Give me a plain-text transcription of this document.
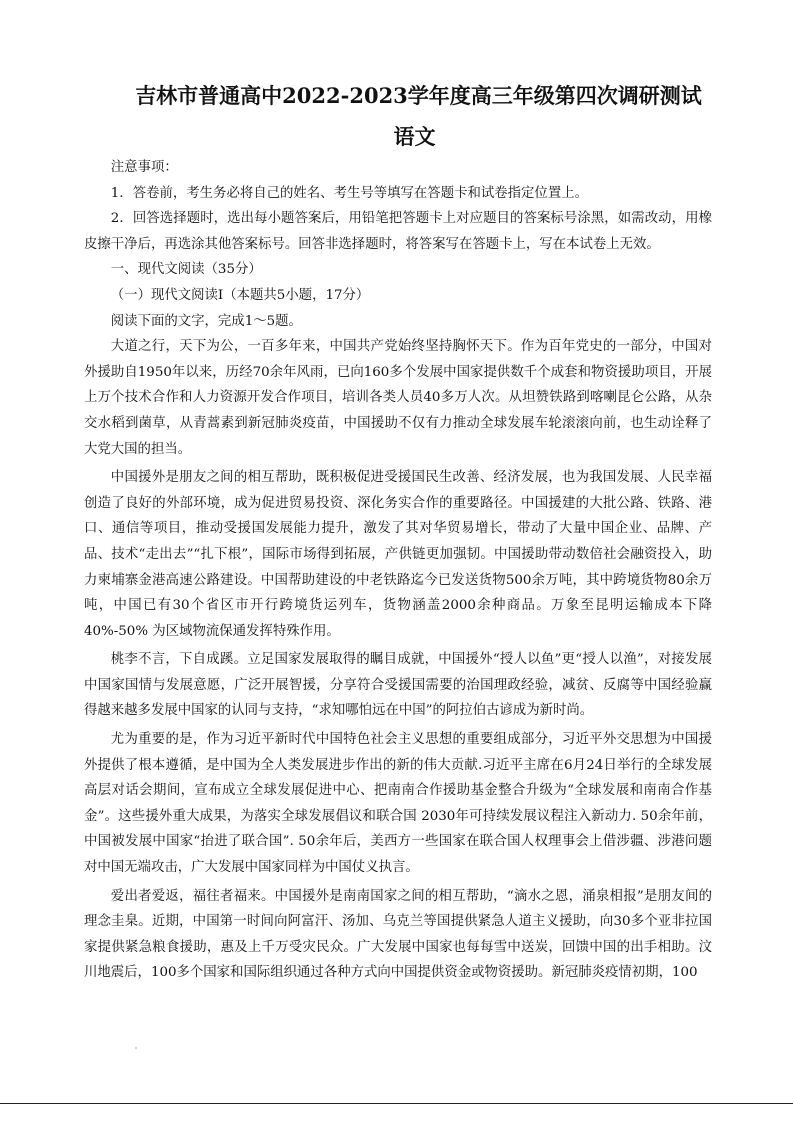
吉林市普通高中2022-2023学年度高三年级第四次调研测试
语文

注意事项：

1．答卷前，考生务必将自己的姓名、考生号等填写在答题卡和试卷指定位置上。

2．回答选择题时，选出每小题答案后，用铅笔把答题卡上对应题目的答案标号涂黑，如需改动，用橡皮擦干净后，再选涂其他答案标号。回答非选择题时，将答案写在答题卡上，写在本试卷上无效。

一、现代文阅读（35分）

（一）现代文阅读I（本题共5小题，17分）

阅读下面的文字，完成1～5题。

大道之行，天下为公，一百多年来，中国共产党始终坚持胸怀天下。作为百年党史的一部分，中国对外援助自1950年以来，历经70余年风雨，已向160多个发展中国家提供数千个成套和物资援助项目，开展上万个技术合作和人力资源开发合作项目，培训各类人员40多万人次。从坦赞铁路到喀喇昆仑公路，从杂交水稻到菌草，从青蒿素到新冠肺炎疫苗，中国援助不仅有力推动全球发展车轮滚滚向前，也生动诠释了大党大国的担当。

中国援外是朋友之间的相互帮助，既积极促进受援国民生改善、经济发展，也为我国发展、人民幸福创造了良好的外部环境，成为促进贸易投资、深化务实合作的重要路径。中国援建的大批公路、铁路、港口、通信等项目，推动受援国发展能力提升，激发了其对华贸易增长，带动了大量中国企业、品牌、产品、技术“走出去”“扎下根”，国际市场得到拓展，产供链更加强韧。中国援助带动数倍社会融资投入，助力柬埔寨金港高速公路建设。中国帮助建设的中老铁路迄今已发送货物500余万吨，其中跨境货物80余万吨，中国已有30个省区市开行跨境货运列车，货物涵盖2000余种商品。万象至昆明运输成本下降 40%-50% 为区域物流保通发挥特殊作用。

桃李不言，下自成蹊。立足国家发展取得的瞩目成就，中国援外“授人以鱼”更“授人以渔”，对接发展中国家国情与发展意愿，广泛开展智援，分享符合受援国需要的治国理政经验，减贫、反腐等中国经验赢得越来越多发展中国家的认同与支持，“求知哪怕远在中国”的阿拉伯古谚成为新时尚。

尤为重要的是，作为习近平新时代中国特色社会主义思想的重要组成部分，习近平外交思想为中国援外提供了根本遵循，是中国为全人类发展进步作出的新的伟大贡献.习近平主席在6月24日举行的全球发展高层对话会期间，宣布成立全球发展促进中心、把南南合作援助基金整合升级为“全球发展和南南合作基金”。这些援外重大成果，为落实全球发展倡议和联合国 2030年可持续发展议程注入新动力. 50余年前，中国被发展中国家“抬进了联合国”. 50余年后，美西方一些国家在联合国人权理事会上借涉疆、涉港问题对中国无端攻击，广大发展中国家同样为中国仗义执言。

爱出者爱返，福往者福来。中国援外是南南国家之间的相互帮助，“滴水之恩，涌泉相报”是朋友间的理念圭臬。近期，中国第一时间向阿富汗、汤加、乌克兰等国提供紧急人道主义援助，向30多个亚非拉国家提供紧急粮食援助，惠及上千万受灾民众。广大发展中国家也每每雪中送炭，回馈中国的出手相助。汶川地震后，100多个国家和国际组织通过各种方式向中国提供资金或物资援助。新冠肺炎疫情初期，100
